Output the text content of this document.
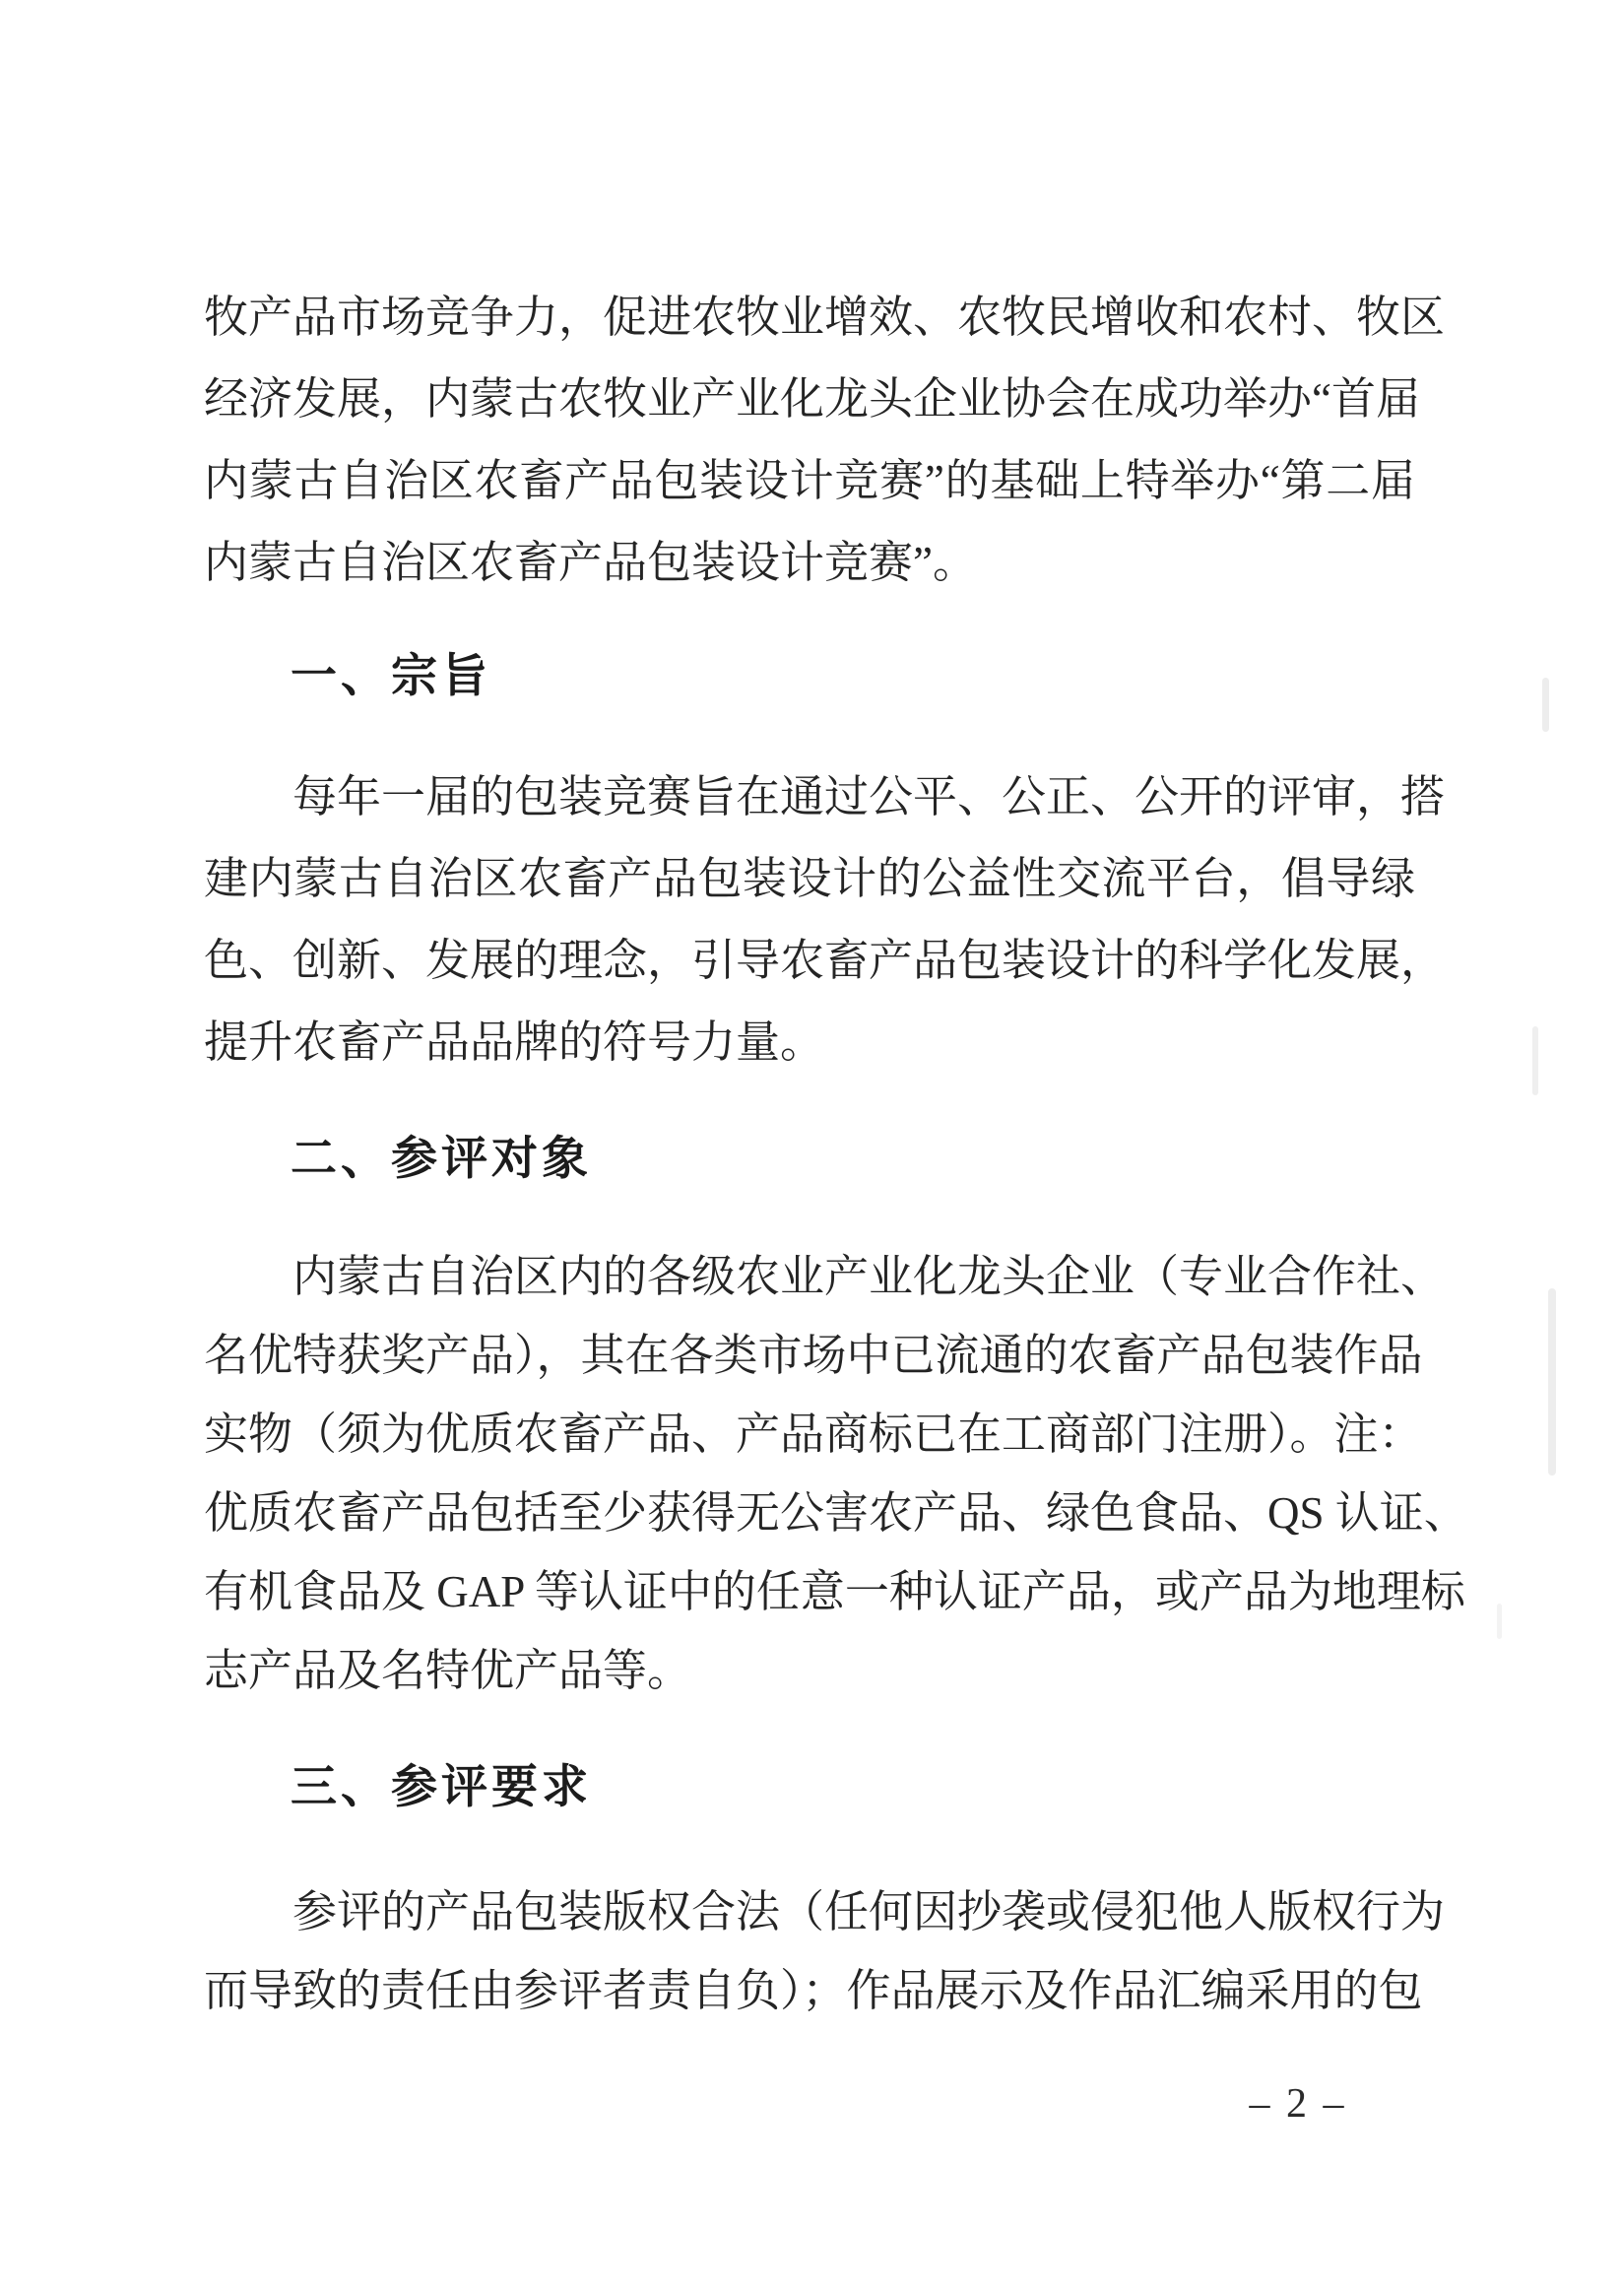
牧产品市场竞争力，促进农牧业增效、农牧民增收和农村、牧区
经济发展，内蒙古农牧业产业化龙头企业协会在成功举办“首届
内蒙古自治区农畜产品包装设计竞赛”的基础上特举办“第二届
内蒙古自治区农畜产品包装设计竞赛”。
一、宗旨
每年一届的包装竞赛旨在通过公平、公正、公开的评审，搭
建内蒙古自治区农畜产品包装设计的公益性交流平台，倡导绿
色、创新、发展的理念，引导农畜产品包装设计的科学化发展，
提升农畜产品品牌的符号力量。
二、参评对象
内蒙古自治区内的各级农业产业化龙头企业（专业合作社、
名优特获奖产品），其在各类市场中已流通的农畜产品包装作品
实物（须为优质农畜产品、产品商标已在工商部门注册）。注：
优质农畜产品包括至少获得无公害农产品、绿色食品、QS 认证、
有机食品及 GAP 等认证中的任意一种认证产品，或产品为地理标
志产品及名特优产品等。
三、参评要求
参评的产品包装版权合法（任何因抄袭或侵犯他人版权行为
而导致的责任由参评者责自负）；作品展示及作品汇编采用的包
– 2 –
